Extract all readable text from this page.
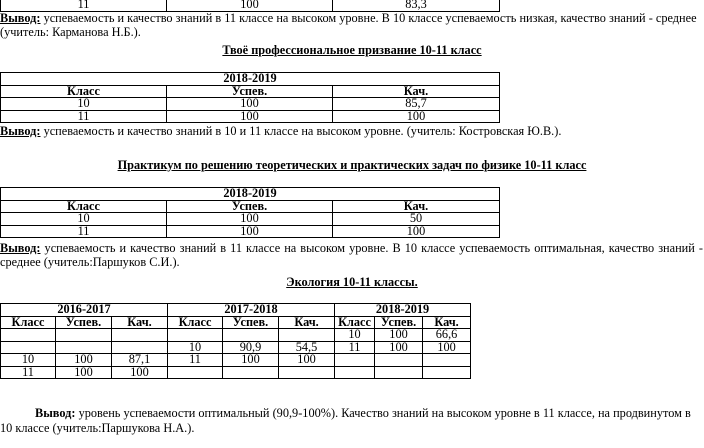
11	100	83,3
Вывод: успеваемость и качество знаний в 11 классе на высоком уровне. В 10 классе успеваемость низкая, качество знаний - среднее
(учитель: Карманова Н.Б.).
Твоё профессиональное призвание 10-11 класс
2018-2019		
Класс	Успев.	Кач.
10	100	85,7
11	100	100
Вывод: успеваемость и качество знаний в 10 и 11 классе на высоком уровне. (учитель: Костровская Ю.В.).
Практикум по решению теоретических и практических задач по физике 10-11 класс
2018-2019		
Класс	Успев.	Кач.
10	100	50
11	100	100
Вывод: успеваемость и качество знаний в 11 классе на высоком уровне. В 10 классе успеваемость оптимальная, качество знаний -
среднее (учитель:Паршуков С.И.).
Экология 10-11 классы.
2016-2017			2017-2018			2018-2019		
Класс	Успев.	Кач.	Класс	Успев.	Кач.	Класс	Успев.	Кач.
						10	100	66,6
			10	90,9	54,5	11	100	100
10	100	87,1	11	100	100			
11	100	100						
Вывод: уровень успеваемости оптимальный (90,9-100%). Качество знаний на высоком уровне в 11 классе, на продвинутом в
10 классе (учитель:Паршукова Н.А.).
